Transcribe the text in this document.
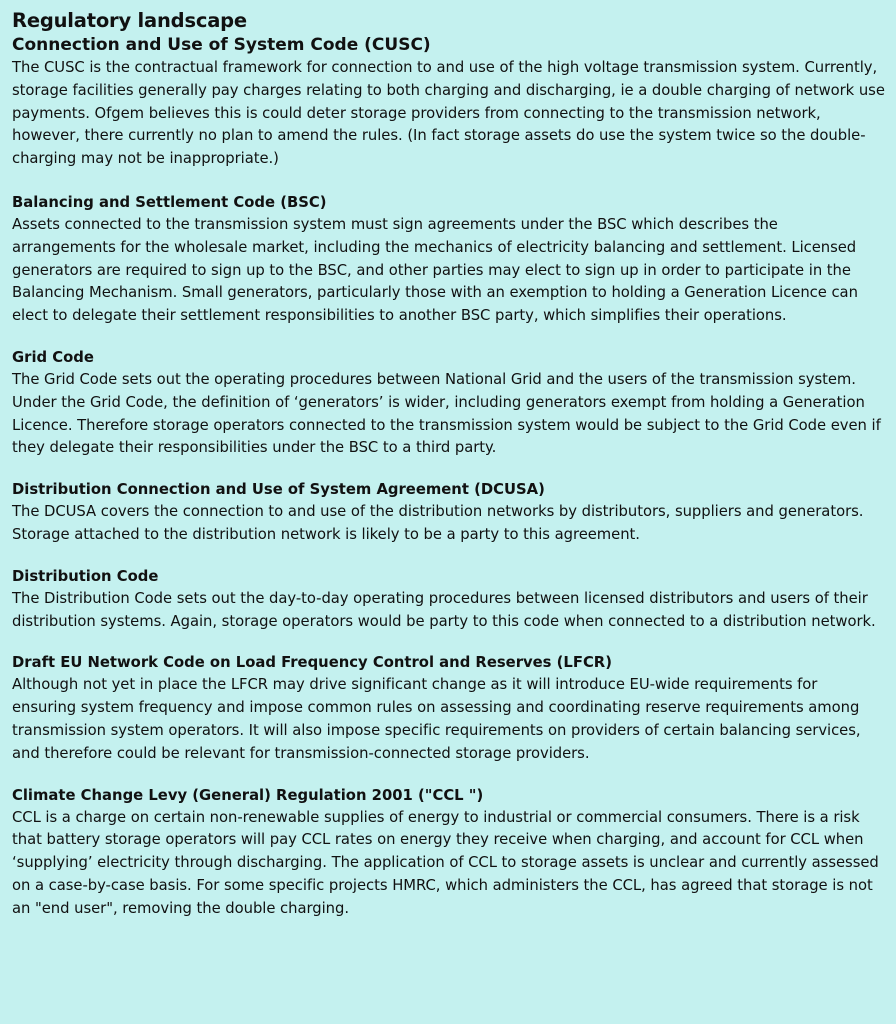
Regulatory landscape
Connection and Use of System Code (CUSC)

The CUSC is the contractual framework for connection to and use of the high voltage transmission system. Currently, storage facilities generally pay charges relating to both charging and discharging, ie a double charging of network use payments. Ofgem believes this is could deter storage providers from connecting to the transmission network, however, there currently no plan to amend the rules. (In fact storage assets do use the system twice so the double-charging may not be inappropriate.)

Balancing and Settlement Code (BSC)

Assets connected to the transmission system must sign agreements under the BSC which describes the arrangements for the wholesale market, including the mechanics of electricity balancing and settlement. Licensed generators are required to sign up to the BSC, and other parties may elect to sign up in order to participate in the Balancing Mechanism. Small generators, particularly those with an exemption to holding a Generation Licence can elect to delegate their settlement responsibilities to another BSC party, which simplifies their operations.

Grid Code

The Grid Code sets out the operating procedures between National Grid and the users of the transmission system. Under the Grid Code, the definition of ‘generators’ is wider, including generators exempt from holding a Generation Licence. Therefore storage operators connected to the transmission system would be subject to the Grid Code even if they delegate their responsibilities under the BSC to a third party.

Distribution Connection and Use of System Agreement (DCUSA)

The DCUSA covers the connection to and use of the distribution networks by distributors, suppliers and generators. Storage attached to the distribution network is likely to be a party to this agreement.

Distribution Code

The Distribution Code sets out the day-to-day operating procedures between licensed distributors and users of their distribution systems. Again, storage operators would be party to this code when connected to a distribution network.

Draft EU Network Code on Load Frequency Control and Reserves (LFCR)

Although not yet in place the LFCR may drive significant change as it will introduce EU-wide requirements for ensuring system frequency and impose common rules on assessing and coordinating reserve requirements among transmission system operators. It will also impose specific requirements on providers of certain balancing services, and therefore could be relevant for transmission-connected storage providers.

Climate Change Levy (General) Regulation 2001 ("CCL ")

CCL is a charge on certain non-renewable supplies of energy to industrial or commercial consumers. There is a risk that battery storage operators will pay CCL rates on energy they receive when charging, and account for CCL when ‘supplying’ electricity through discharging. The application of CCL to storage assets is unclear and currently assessed on a case-by-case basis. For some specific projects HMRC, which administers the CCL, has agreed that storage is not an "end user", removing the double charging.
